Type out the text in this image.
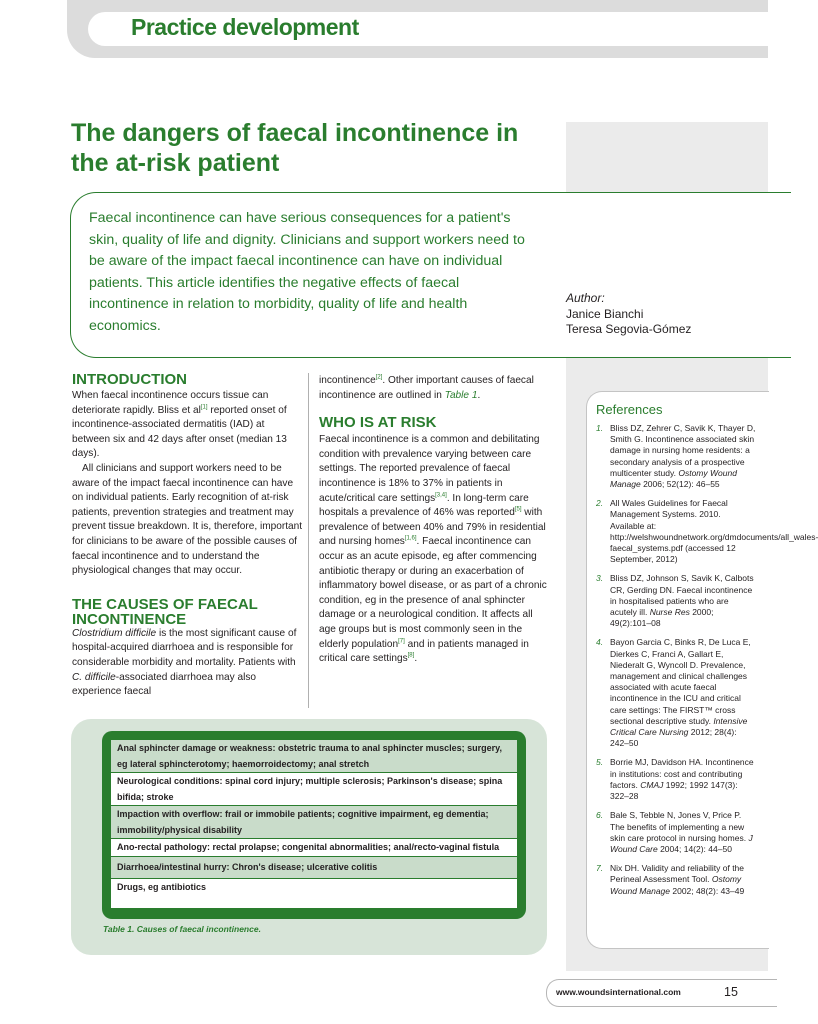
Practice development
The dangers of faecal incontinence in the at-risk patient

Faecal incontinence can have serious consequences for a patient's skin, quality of life and dignity. Clinicians and support workers need to be aware of the impact faecal incontinence can have on individual patients. This article identifies the negative effects of faecal incontinence in relation to morbidity, quality of life and health economics.

Author:
Janice Bianchi
Teresa Segovia-Gómez
INTRODUCTION

When faecal incontinence occurs tissue can deteriorate rapidly. Bliss et al[1] reported onset of incontinence-associated dermatitis (IAD) at between six and 42 days after onset (median 13 days).

All clinicians and support workers need to be aware of the impact faecal incontinence can have on individual patients. Early recognition of at-risk patients, prevention strategies and treatment may prevent tissue breakdown. It is, therefore, important for clinicians to be aware of the possible causes of faecal incontinence and to understand the physiological changes that may occur.

THE CAUSES OF FAECAL INCONTINENCE

Clostridium difficile is the most significant cause of hospital-acquired diarrhoea and is responsible for considerable morbidity and mortality. Patients with C. difficile-associated diarrhoea may also experience faecal

incontinence[2]. Other important causes of faecal incontinence are outlined in Table 1.

WHO IS AT RISK

Faecal incontinence is a common and debilitating condition with prevalence varying between care settings. The reported prevalence of faecal incontinence is 18% to 37% in patients in acute/critical care settings[3,4]. In long-term care hospitals a prevalence of 46% was reported[5] with prevalence of between 40% and 79% in residential and nursing homes[1,6]. Faecal incontinence can occur as an acute episode, eg after commencing antibiotic therapy or during an exacerbation of inflammatory bowel disease, or as part of a chronic condition, eg in the presence of anal sphincter damage or a neurological condition. It affects all age groups but is most commonly seen in the elderly population[7] and in patients managed in critical care settings[8].

Anal sphincter damage or weakness: obstetric trauma to anal sphincter muscles; surgery, eg lateral sphincterotomy; haemorroidectomy; anal stretch
Neurological conditions: spinal cord injury; multiple sclerosis; Parkinson's disease; spina bifida; stroke
Impaction with overflow: frail or immobile patients; cognitive impairment, eg dementia; immobility/physical disability
Ano-rectal pathology: rectal prolapse; congenital abnormalities; anal/recto-vaginal fistula
Diarrhoea/intestinal hurry: Chron's disease; ulcerative colitis
Drugs, eg antibiotics
Table 1. Causes of faecal incontinence.
References
1. Bliss DZ, Zehrer C, Savik K, Thayer D, Smith G. Incontinence associated skin damage in nursing home residents: a secondary analysis of a prospective multicenter study. Ostomy Wound Manage 2006; 52(12): 46–55
2. All Wales Guidelines for Faecal Management Systems. 2010. Available at: http://welshwoundnetwork.org/dmdocuments/all_wales-faecal_systems.pdf (accessed 12 September, 2012)
3. Bliss DZ, Johnson S, Savik K, Calbots CR, Gerding DN. Faecal incontinence in hospitalised patients who are acutely ill. Nurse Res 2000; 49(2):101–08
4. Bayon Garcia C, Binks R, De Luca E, Dierkes C, Franci A, Gallart E, Niederalt G, Wyncoll D. Prevalence, management and clinical challenges associated with acute faecal incontinence in the ICU and critical care settings: The FIRST™ cross sectional descriptive study. Intensive Critical Care Nursing 2012; 28(4): 242–50
5. Borrie MJ, Davidson HA. Incontinence in institutions: cost and contributing factors. CMAJ 1992; 1992 147(3): 322–28
6. Bale S, Tebble N, Jones V, Price P. The benefits of implementing a new skin care protocol in nursing homes. J Wound Care 2004; 14(2): 44–50
7. Nix DH. Validity and reliability of the Perineal Assessment Tool. Ostomy Wound Manage 2002; 48(2): 43–49
www.woundsinternational.com	15
